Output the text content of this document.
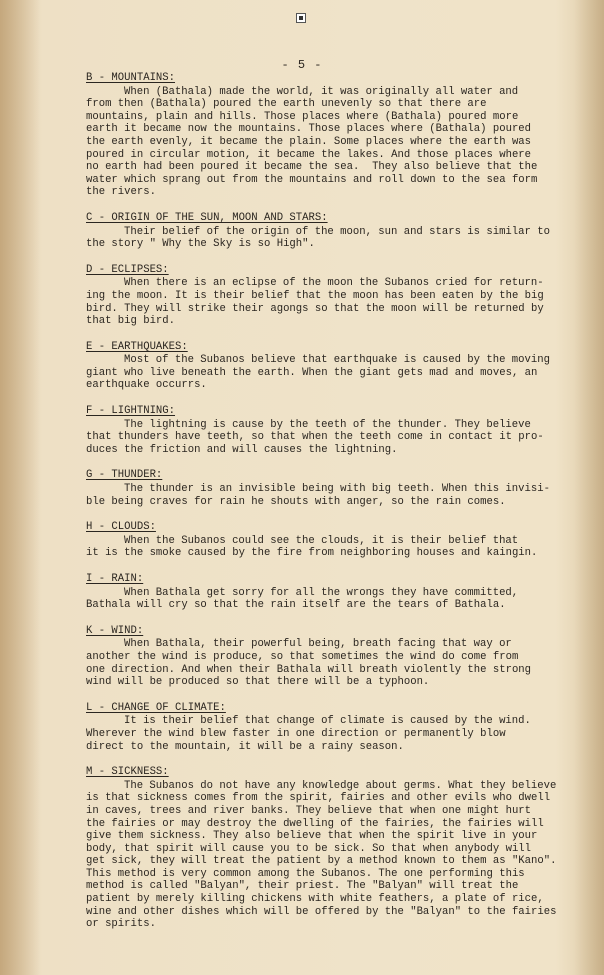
- 5 -
B - MOUNTAINS:
When (Bathala) made the world, it was originally all water and
from then (Bathala) poured the earth unevenly so that there are
mountains, plain and hills. Those places where (Bathala) poured more
earth it became now the mountains. Those places where (Bathala) poured
the earth evenly, it became the plain. Some places where the earth was
poured in circular motion, it became the lakes. And those places where
no earth had been poured it became the sea.  They also believe that the
water which sprang out from the mountains and roll down to the sea form
the rivers.
C - ORIGIN OF THE SUN, MOON AND STARS:
Their belief of the origin of the moon, sun and stars is similar to
the story " Why the Sky is so High".
D - ECLIPSES:
When there is an eclipse of the moon the Subanos cried for return-
ing the moon. It is their belief that the moon has been eaten by the big
bird. They will strike their agongs so that the moon will be returned by
that big bird.
E - EARTHQUAKES:
Most of the Subanos believe that earthquake is caused by the moving
giant who live beneath the earth. When the giant gets mad and moves, an
earthquake occurrs.
F - LIGHTNING:
The lightning is cause by the teeth of the thunder. They believe
that thunders have teeth, so that when the teeth come in contact it pro-
duces the friction and will causes the lightning.
G - THUNDER:
The thunder is an invisible being with big teeth. When this invisi-
ble being craves for rain he shouts with anger, so the rain comes.
H - CLOUDS:
When the Subanos could see the clouds, it is their belief that
it is the smoke caused by the fire from neighboring houses and kaingin.
I - RAIN:
When Bathala get sorry for all the wrongs they have committed,
Bathala will cry so that the rain itself are the tears of Bathala.
K - WIND:
When Bathala, their powerful being, breath facing that way or
another the wind is produce, so that sometimes the wind do come from
one direction. And when their Bathala will breath violently the strong
wind will be produced so that there will be a typhoon.
L - CHANGE OF CLIMATE:
It is their belief that change of climate is caused by the wind.
Wherever the wind blew faster in one direction or permanently blow
direct to the mountain, it will be a rainy season.
M - SICKNESS:
The Subanos do not have any knowledge about germs. What they believe
is that sickness comes from the spirit, fairies and other evils who dwell
in caves, trees and river banks. They believe that when one might hurt
the fairies or may destroy the dwelling of the fairies, the fairies will
give them sickness. They also believe that when the spirit live in your
body, that spirit will cause you to be sick. So that when anybody will
get sick, they will treat the patient by a method known to them as "Kano".
This method is very common among the Subanos. The one performing this
method is called "Balyan", their priest. The "Balyan" will treat the
patient by merely killing chickens with white feathers, a plate of rice,
wine and other dishes which will be offered by the "Balyan" to the fairies
or spirits.
